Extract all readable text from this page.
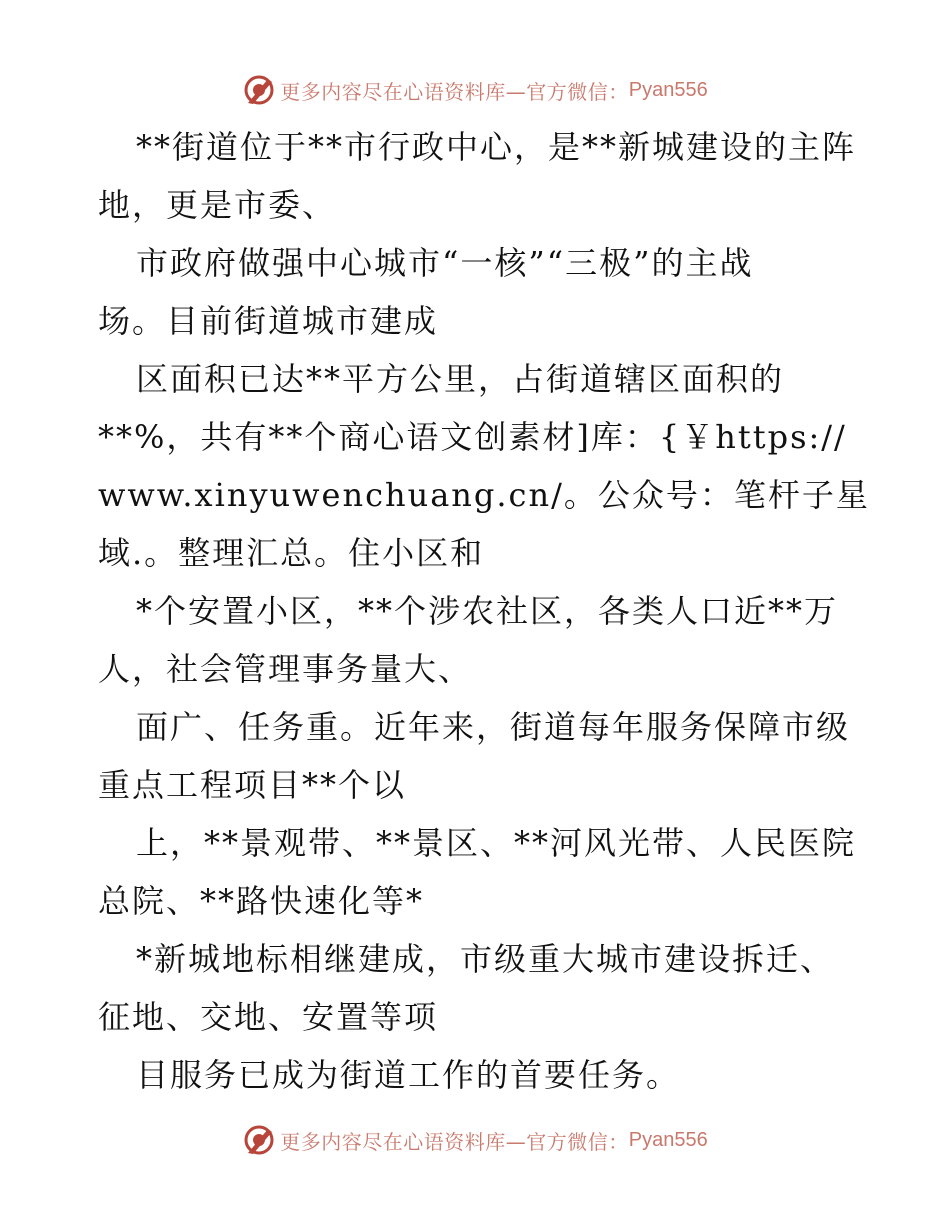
更多内容尽在心语资料库—官方微信： Pyan556
**街道位于**市行政中心，是**新城建设的主阵
地，更是市委、
市政府做强中心城市“一核”“三极”的主战
场。目前街道城市建成
区面积已达**平方公里，占街道辖区面积的
**%，共有**个商心语文创素材]库：{￥https://
www.xinyuwenchuang.cn/。公众号：笔杆子星
域.。整理汇总。住小区和
*个安置小区，**个涉农社区，各类人口近**万
人，社会管理事务量大、
面广、任务重。近年来，街道每年服务保障市级
重点工程项目**个以
上，**景观带、**景区、**河风光带、人民医院
总院、**路快速化等*
*新城地标相继建成，市级重大城市建设拆迁、
征地、交地、安置等项
目服务已成为街道工作的首要任务。
更多内容尽在心语资料库—官方微信： Pyan556
